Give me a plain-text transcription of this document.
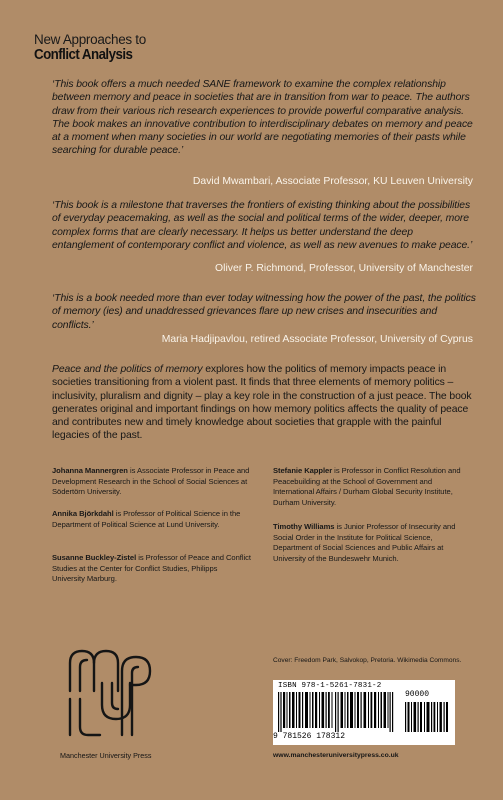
New Approaches to
Conflict Analysis

‘This book offers a much needed SANE framework to examine the complex relationship between memory and peace in societies that are in transition from war to peace. The authors draw from their various rich research experiences to provide powerful comparative analysis. The book makes an innovative contribution to interdisciplinary debates on memory and peace at a moment when many societies in our world are negotiating memories of their pasts while searching for durable peace.’

David Mwambari, Associate Professor, KU Leuven University

‘This book is a milestone that traverses the frontiers of existing thinking about the possibilities of everyday peacemaking, as well as the social and political terms of the wider, deeper, more complex forms that are clearly necessary. It helps us better understand the deep entanglement of contemporary conflict and violence, as well as new avenues to make peace.’

Oliver P. Richmond, Professor, University of Manchester

‘This is a book needed more than ever today witnessing how the power of the past, the politics of memory (ies) and unaddressed grievances flare up new crises and insecurities and conflicts.’

Maria Hadjipavlou, retired Associate Professor, University of Cyprus

Peace and the politics of memory explores how the politics of memory impacts peace in societies transitioning from a violent past. It finds that three elements of memory politics – inclusivity, pluralism and dignity – play a key role in the construction of a just peace. The book generates original and important findings on how memory politics affects the quality of peace and contributes new and timely knowledge about societies that grapple with the painful legacies of the past.

Johanna Mannergren is Associate Professor in Peace and Development Research in the School of Social Sciences at Södertörn University.
Annika Björkdahl is Professor of Political Science in the Department of Political Science at Lund University.
Susanne Buckley-Zistel is Professor of Peace and Conflict Studies at the Center for Conflict Studies, Philipps University Marburg.
Stefanie Kappler is Professor in Conflict Resolution and Peacebuilding at the School of Government and International Affairs / Durham Global Security Institute, Durham University.
Timothy Williams is Junior Professor of Insecurity and Social Order in the Institute for Political Science, Department of Social Sciences and Public Affairs at University of the Bundeswehr Munich.
Manchester University Press
Cover: Freedom Park, Salvokop, Pretoria. Wikimedia Commons.
ISBN 978-1-5261-7831-2
90000
9 781526 178312
www.manchesteruniversitypress.co.uk
